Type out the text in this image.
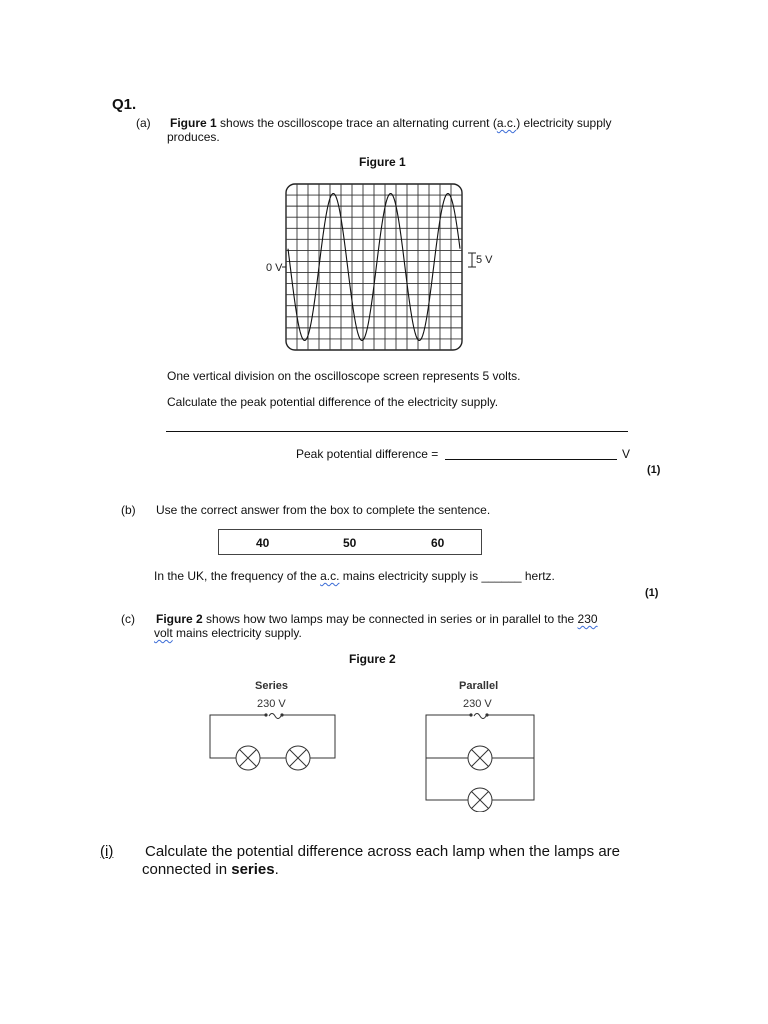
Q1.
(a) Figure 1 shows the oscilloscope trace an alternating current (a.c.) electricity supply
produces.
Figure 1
0 V
5 V
One vertical division on the oscilloscope screen represents 5 volts.
Calculate the peak potential difference of the electricity supply.
Peak potential difference =	V
(1)
(b) Use the correct answer from the box to complete the sentence.
40	50	60
In the UK, the frequency of the a.c. mains electricity supply is ______ hertz.
(1)
(c) Figure 2 shows how two lamps may be connected in series or in parallel to the 230
volt mains electricity supply.
Figure 2
Series
230 V
Parallel
230 V
(i) Calculate the potential difference across each lamp when the lamps are
connected in series.
